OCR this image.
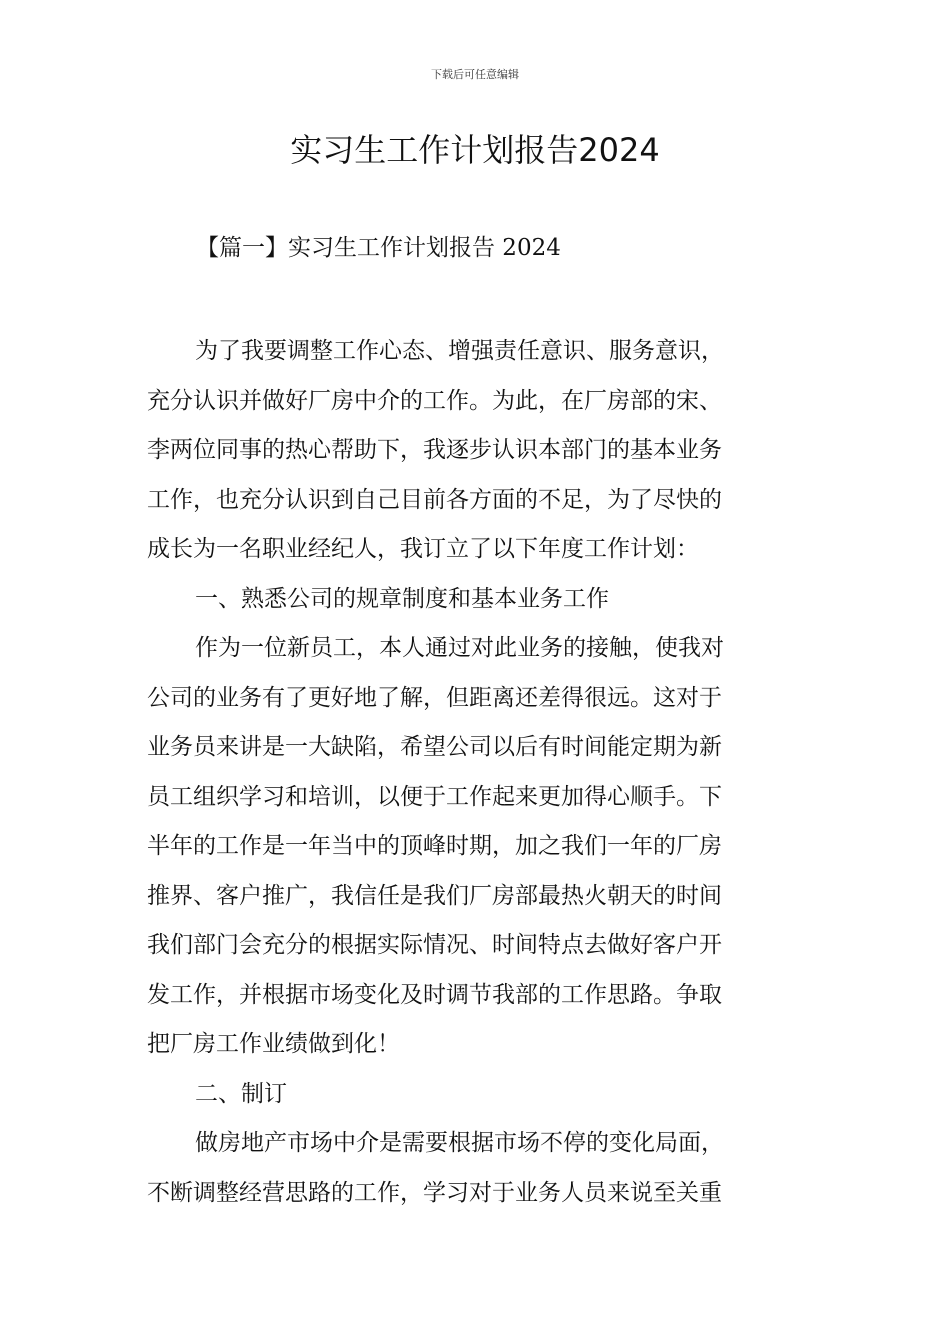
下载后可任意编辑
实习生工作计划报告2024
【篇一】实习生工作计划报告 2024
为了我要调整工作心态、增强责任意识、服务意识，
充分认识并做好厂房中介的工作。为此，在厂房部的宋、
李两位同事的热心帮助下，我逐步认识本部门的基本业务
工作，也充分认识到自己目前各方面的不足，为了尽快的
成长为一名职业经纪人，我订立了以下年度工作计划：
一、熟悉公司的规章制度和基本业务工作
作为一位新员工，本人通过对此业务的接触，使我对
公司的业务有了更好地了解，但距离还差得很远。这对于
业务员来讲是一大缺陷，希望公司以后有时间能定期为新
员工组织学习和培训，以便于工作起来更加得心顺手。下
半年的工作是一年当中的顶峰时期，加之我们一年的厂房
推界、客户推广，我信任是我们厂房部最热火朝天的时间
我们部门会充分的根据实际情况、时间特点去做好客户开
发工作，并根据市场变化及时调节我部的工作思路。争取
把厂房工作业绩做到化！
二、制订
做房地产市场中介是需要根据市场不停的变化局面，
不断调整经营思路的工作，学习对于业务人员来说至关重
